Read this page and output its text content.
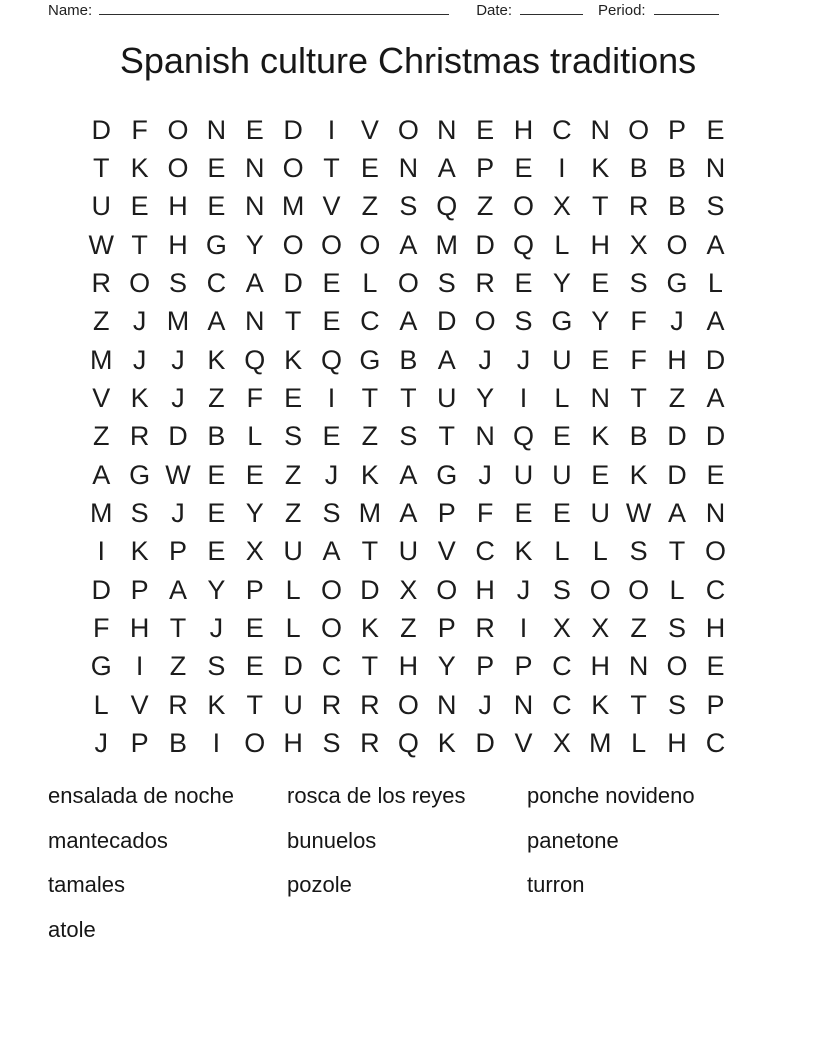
Name:	Date:	Period:
Spanish culture Christmas traditions
D F O N E D I V O N E H C N O P E
T K O E N O T E N A P E I K B B N
U E H E N M V Z S Q Z O X T R B S
W T H G Y O O O A M D Q L H X O A
R O S C A D E L O S R E Y E S G L
Z J M A N T E C A D O S G Y F J A
M J J K Q K Q G B A J J U E F H D
V K J Z F E I T T U Y I	L N T Z A
Z R D B L S E Z S T N Q E K B D D
A G W E E Z J K A G J U U E K D E
M S J E Y Z S M A P F E E U W A N
I K P E X U A T U V C K L L S T O
D P A Y P L O D X O H J S O O L C
F H T J E L O K Z P R I X X Z S H
G I Z S E D C T H Y P P C H N O E
L V R K T U R R O N J N C K T S P
J P B I O H S R Q K D V X M L H C
ensalada de noche
mantecados
tamales
atole
rosca de los reyes
bunuelos
pozole
ponche novideno
panetone
turron
